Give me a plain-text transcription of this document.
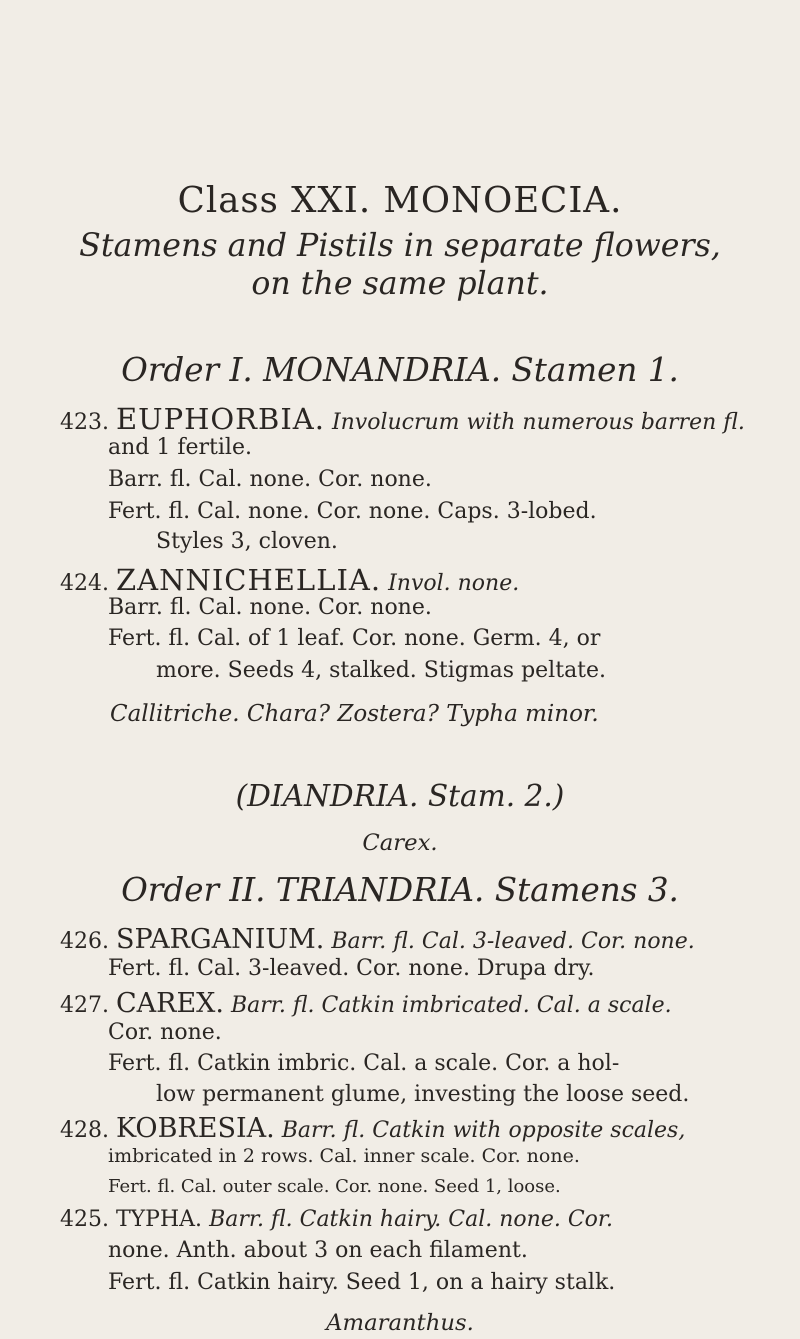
Class XXI. MONOECIA.
Stamens and Pistils in separate flowers,
on the same plant.
Order I. MONANDRIA. Stamen 1.
423. EUPHORBIA. Involucrum with numerous barren fl.
and 1 fertile.
Barr. fl. Cal. none. Cor. none.
Fert. fl. Cal. none. Cor. none. Caps. 3-lobed.
Styles 3, cloven.
424. ZANNICHELLIA. Invol. none.
Barr. fl. Cal. none. Cor. none.
Fert. fl. Cal. of 1 leaf. Cor. none. Germ. 4, or
more. Seeds 4, stalked. Stigmas peltate.
Callitriche. Chara? Zostera? Typha minor.
(DIANDRIA. Stam. 2.)
Carex.
Order II. TRIANDRIA. Stamens 3.
426. SPARGANIUM. Barr. fl. Cal. 3-leaved. Cor. none.
Fert. fl. Cal. 3-leaved. Cor. none. Drupa dry.
427. CAREX. Barr. fl. Catkin imbricated. Cal. a scale.
Cor. none.
Fert. fl. Catkin imbric. Cal. a scale. Cor. a hol-
low permanent glume, investing the loose seed.
428. KOBRESIA. Barr. fl. Catkin with opposite scales,
imbricated in 2 rows. Cal. inner scale. Cor. none.
Fert. fl. Cal. outer scale. Cor. none. Seed 1, loose.
425. TYPHA. Barr. fl. Catkin hairy. Cal. none. Cor.
none. Anth. about 3 on each filament.
Fert. fl. Catkin hairy. Seed 1, on a hairy stalk.
Amaranthus.
